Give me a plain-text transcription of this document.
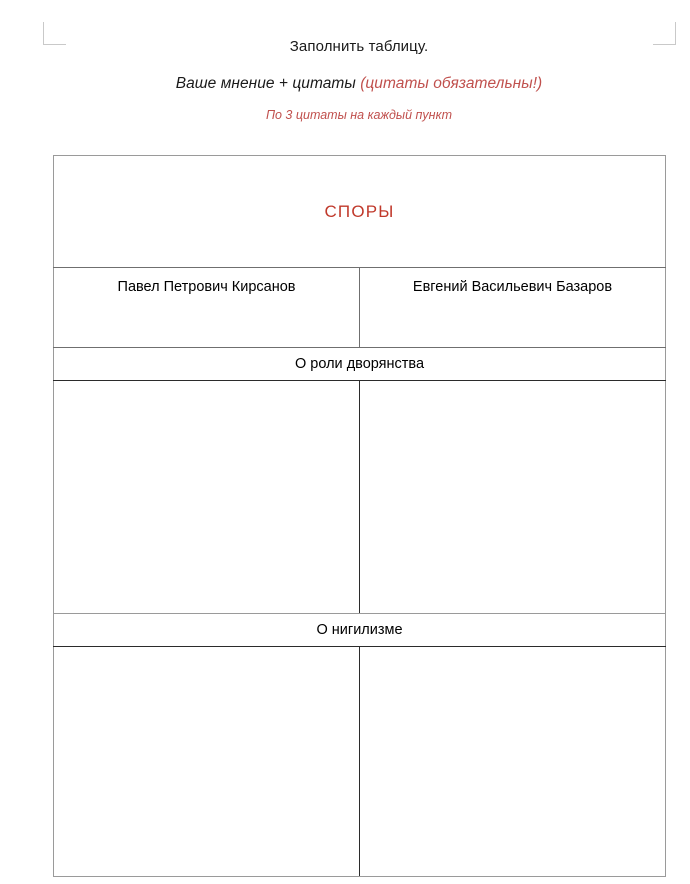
Заполнить таблицу.
Ваше мнение + цитаты (цитаты обязательны!)
По 3 цитаты на каждый пункт
СПОРЫ	

Павел Петрович Кирсанов	Евгений Васильевич Базаров

О роли дворянства	

О нигилизме	
